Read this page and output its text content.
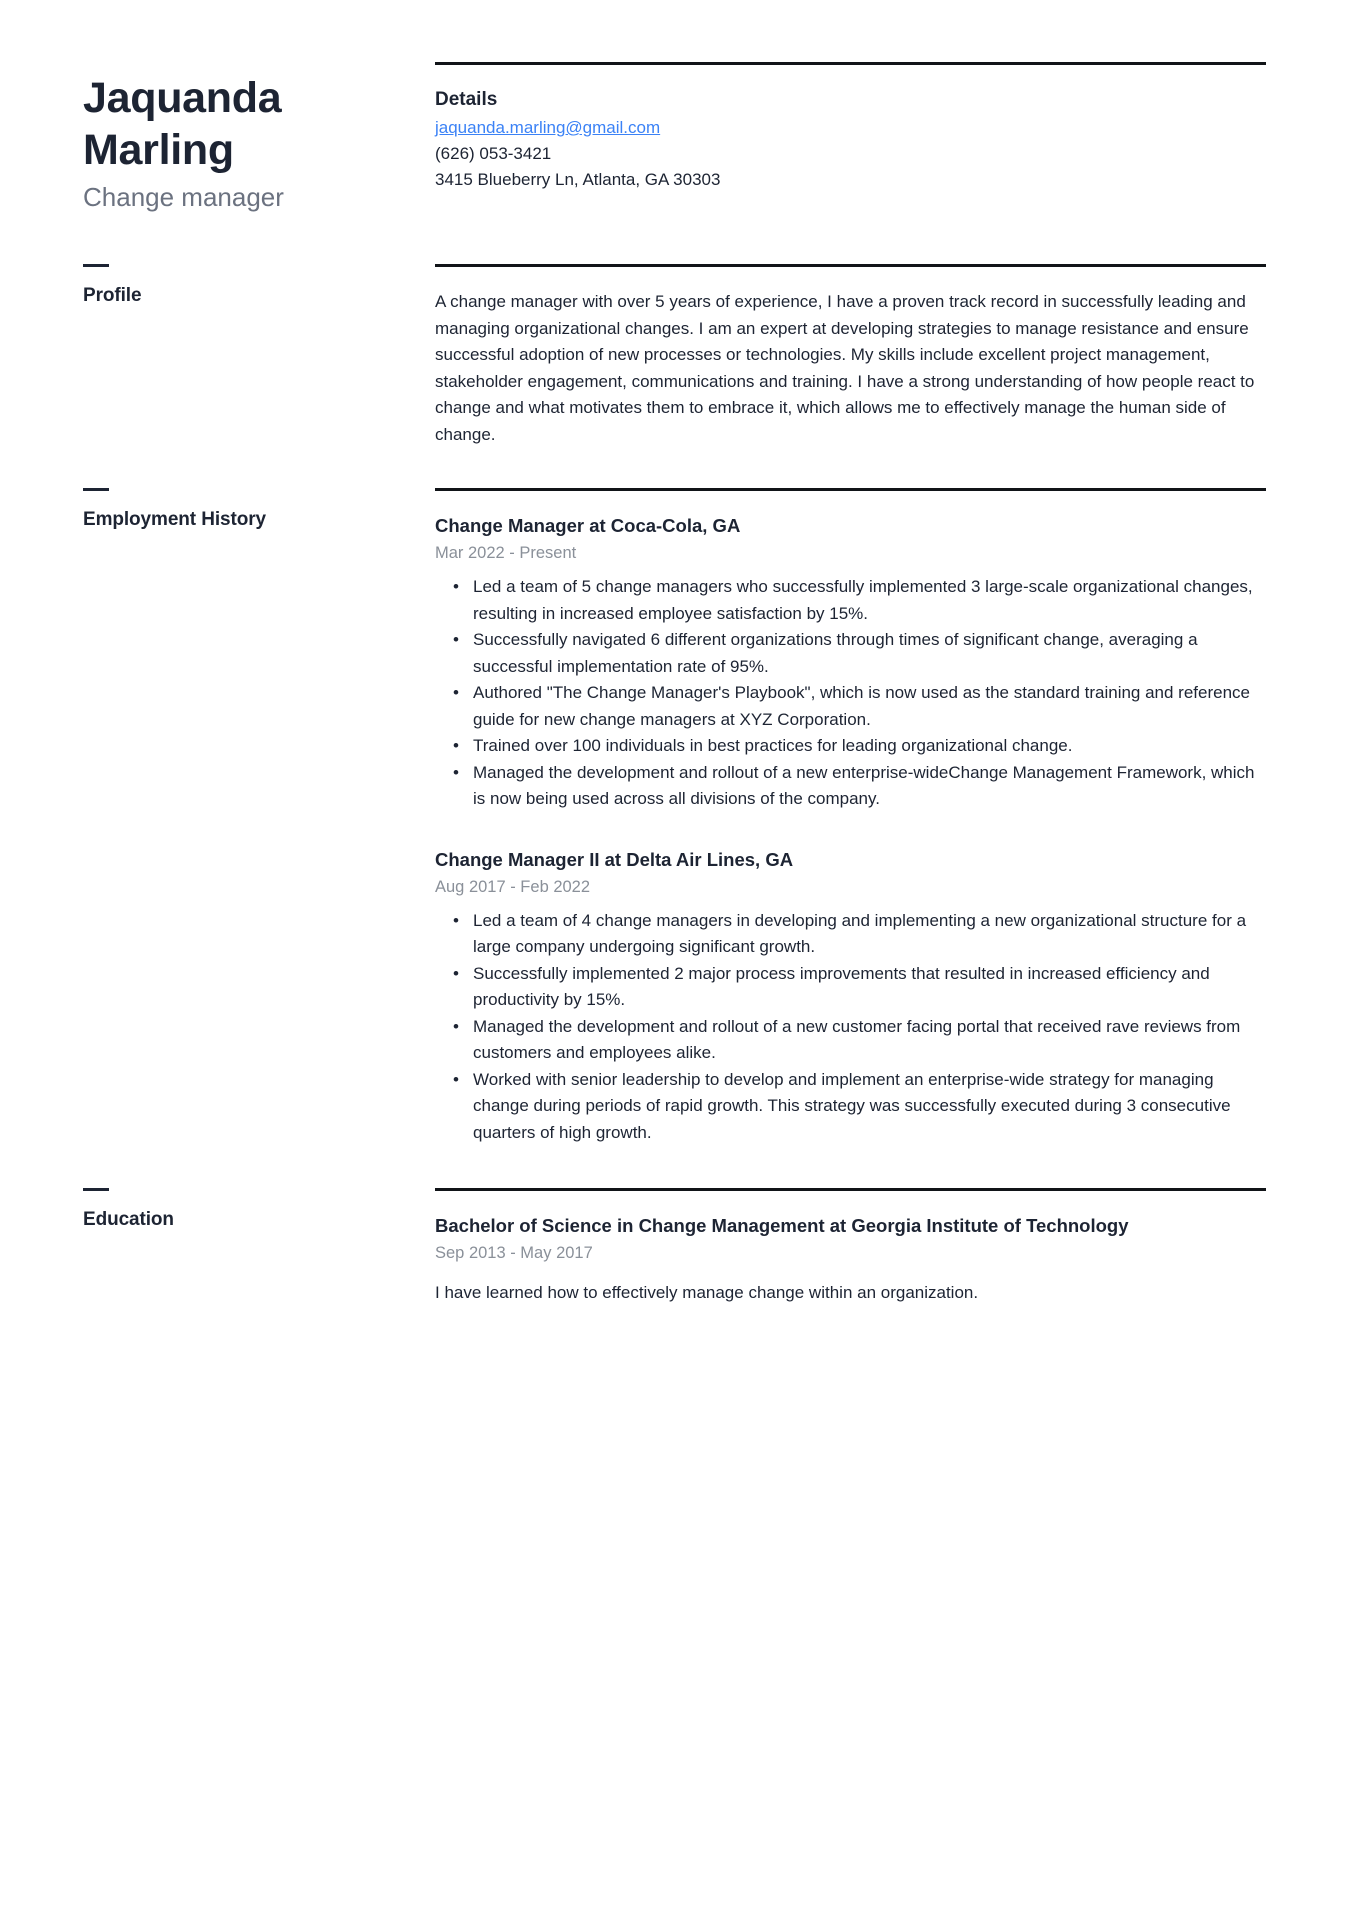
Jaquanda Marling
Change manager
Details
jaquanda.marling@gmail.com
(626) 053-3421
3415 Blueberry Ln, Atlanta, GA 30303
Profile	A change manager with over 5 years of experience, I have a proven track record in successfully leading and managing organizational changes. I am an expert at developing strategies to manage resistance and ensure successful adoption of new processes or technologies. My skills include excellent project management, stakeholder engagement, communications and training. I have a strong understanding of how people react to change and what motivates them to embrace it, which allows me to effectively manage the human side of change.

Employment History	Change Manager at Coca-Cola, GA
Mar 2022 - Present
• Led a team of 5 change managers who successfully implemented 3 large-scale organizational changes, resulting in increased employee satisfaction by 15%.
• Successfully navigated 6 different organizations through times of significant change, averaging a successful implementation rate of 95%.
• Authored "The Change Manager's Playbook", which is now used as the standard training and reference guide for new change managers at XYZ Corporation.
• Trained over 100 individuals in best practices for leading organizational change.
• Managed the development and rollout of a new enterprise-wideChange Management Framework, which is now being used across all divisions of the company.
Change Manager II at Delta Air Lines, GA
Aug 2017 - Feb 2022
• Led a team of 4 change managers in developing and implementing a new organizational structure for a large company undergoing significant growth.
• Successfully implemented 2 major process improvements that resulted in increased efficiency and productivity by 15%.
• Managed the development and rollout of a new customer facing portal that received rave reviews from customers and employees alike.
• Worked with senior leadership to develop and implement an enterprise-wide strategy for managing change during periods of rapid growth. This strategy was successfully executed during 3 consecutive quarters of high growth.
Education	Bachelor of Science in Change Management at Georgia Institute of Technology
Sep 2013 - May 2017
I have learned how to effectively manage change within an organization.
